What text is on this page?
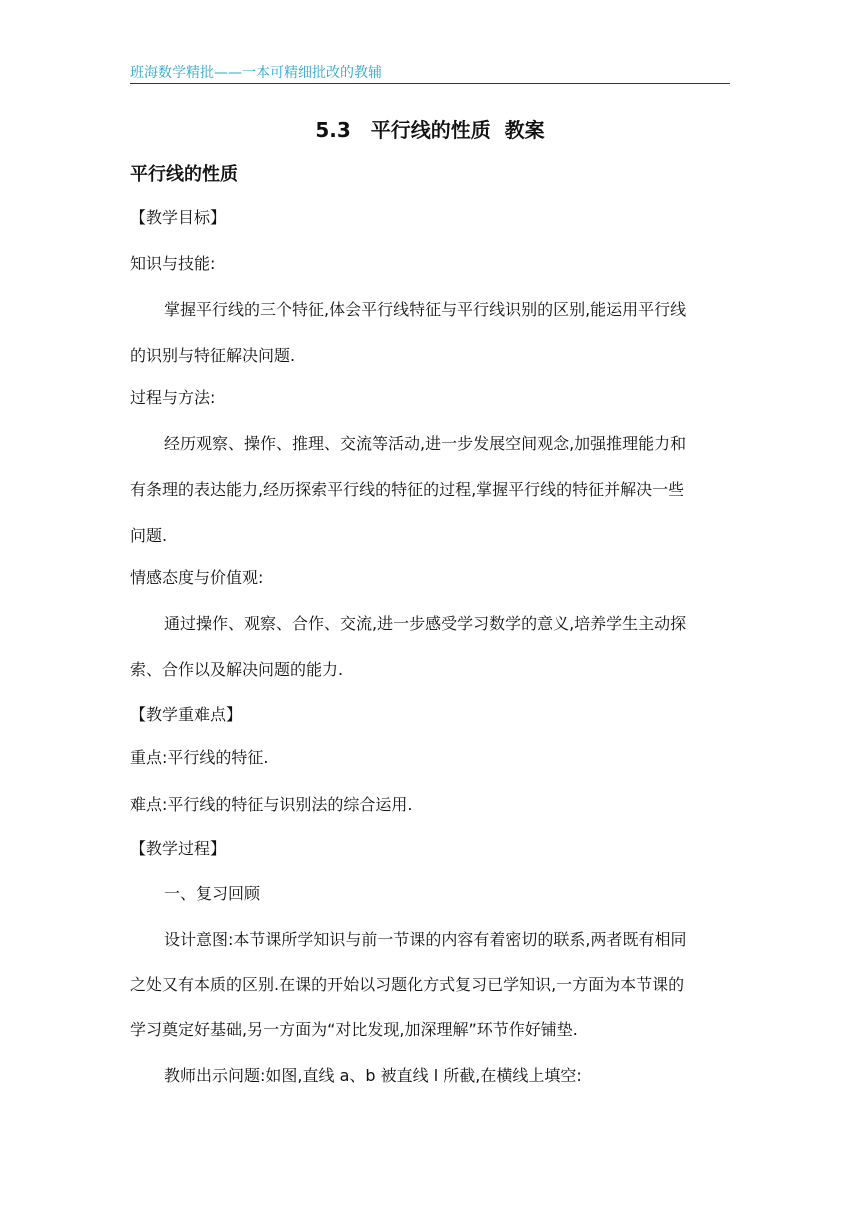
班海数学精批——一本可精细批改的教辅
5.3　平行线的性质  教案
平行线的性质
【教学目标】
知识与技能:
掌握平行线的三个特征,体会平行线特征与平行线识别的区别,能运用平行线
的识别与特征解决问题.
过程与方法:
经历观察、操作、推理、交流等活动,进一步发展空间观念,加强推理能力和
有条理的表达能力,经历探索平行线的特征的过程,掌握平行线的特征并解决一些
问题.
情感态度与价值观:
通过操作、观察、合作、交流,进一步感受学习数学的意义,培养学生主动探
索、合作以及解决问题的能力.
【教学重难点】
重点:平行线的特征.
难点:平行线的特征与识别法的综合运用.
【教学过程】
一、复习回顾
设计意图:本节课所学知识与前一节课的内容有着密切的联系,两者既有相同
之处又有本质的区别.在课的开始以习题化方式复习已学知识,一方面为本节课的
学习奠定好基础,另一方面为“对比发现,加深理解”环节作好铺垫.
教师出示问题:如图,直线 a、b 被直线 l 所截,在横线上填空:
